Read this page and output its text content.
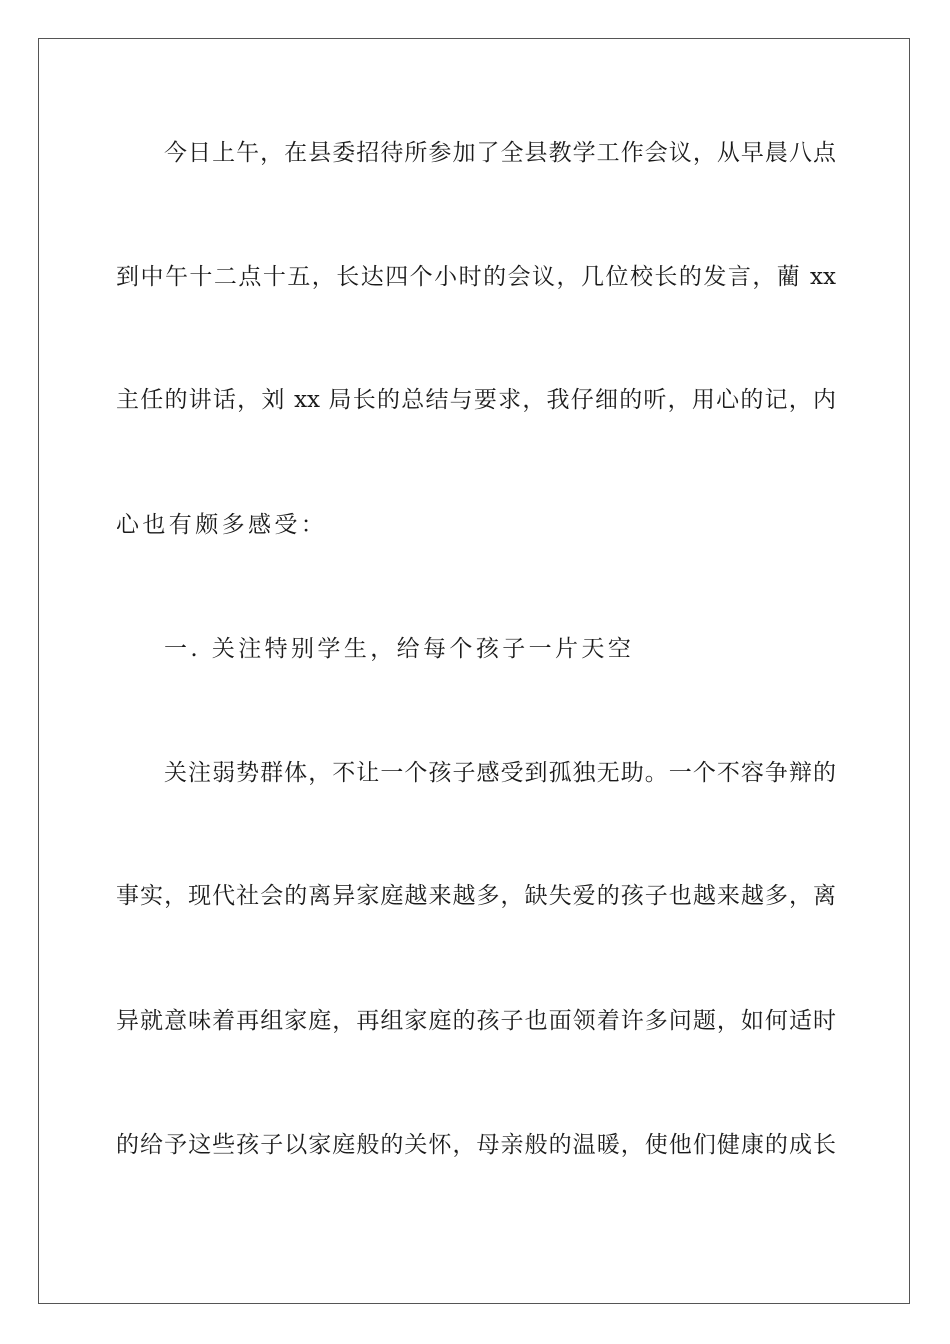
今日上午，在县委招待所参加了全县教学工作会议，从早晨八点
到中午十二点十五，长达四个小时的会议，几位校长的发言，藺 xx
主任的讲话，刘 xx 局长的总结与要求，我仔细的听，用心的记，内
心也有颇多感受：
一. 关注特别学生，给每个孩子一片天空
关注弱势群体，不让一个孩子感受到孤独无助。一个不容争辩的
事实，现代社会的离异家庭越来越多，缺失爱的孩子也越来越多，离
异就意味着再组家庭，再组家庭的孩子也面领着许多问题，如何适时
的给予这些孩子以家庭般的关怀，母亲般的温暖，使他们健康的成长
